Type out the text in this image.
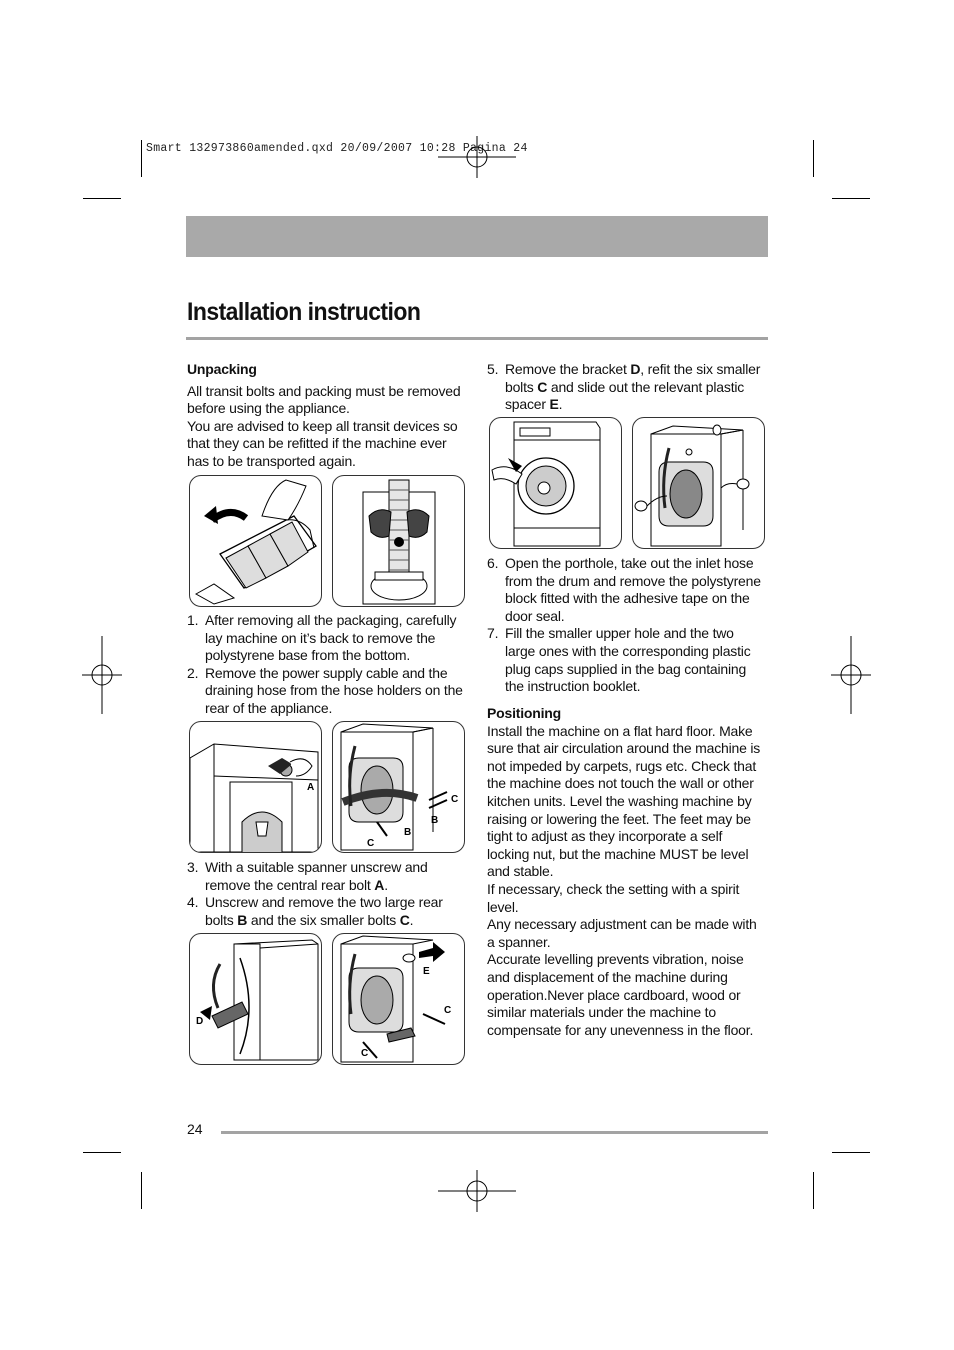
Smart 132973860amended.qxd 20/09/2007 10:28 Pagina 24
Installation instruction

Unpacking

All transit bolts and packing must be removed before using the appliance.

You are advised to keep all transit devices so that they can be refitted if the machine ever has to be transported again.

1. After removing all the packaging, carefully lay machine on it’s back to remove the polystyrene base from the bottom.
2. Remove the power supply cable and the draining hose from the hose holders on the rear of the appliance.
A
C
B
B
C
3. With a suitable spanner unscrew and remove the central rear bolt A.
4. Unscrew and remove the two large rear bolts B and the six smaller bolts C.
D
E
C
C
5. Remove the bracket D, refit the six smaller bolts C and slide out the relevant plastic spacer E.
6. Open the porthole, take out the inlet hose from the drum and remove the polystyrene block fitted with the adhesive tape on the door seal.
7. Fill the smaller upper hole and the two large ones with the corresponding plastic plug caps supplied in the bag containing the instruction booklet.

Positioning

Install the machine on a flat hard floor. Make sure that air circulation around the machine is not impeded by carpets, rugs etc. Check that the machine does not touch the wall or other kitchen units. Level the washing machine by raising or lowering the feet. The feet may be tight to adjust as they incorporate a self locking nut, but the machine MUST be level and stable.

If necessary, check the setting with a spirit level.

Any necessary adjustment can be made with a spanner.

Accurate levelling prevents vibration, noise and displacement of the machine during operation.Never place cardboard, wood or similar materials under the machine to compensate for any unevenness in the floor.

24
